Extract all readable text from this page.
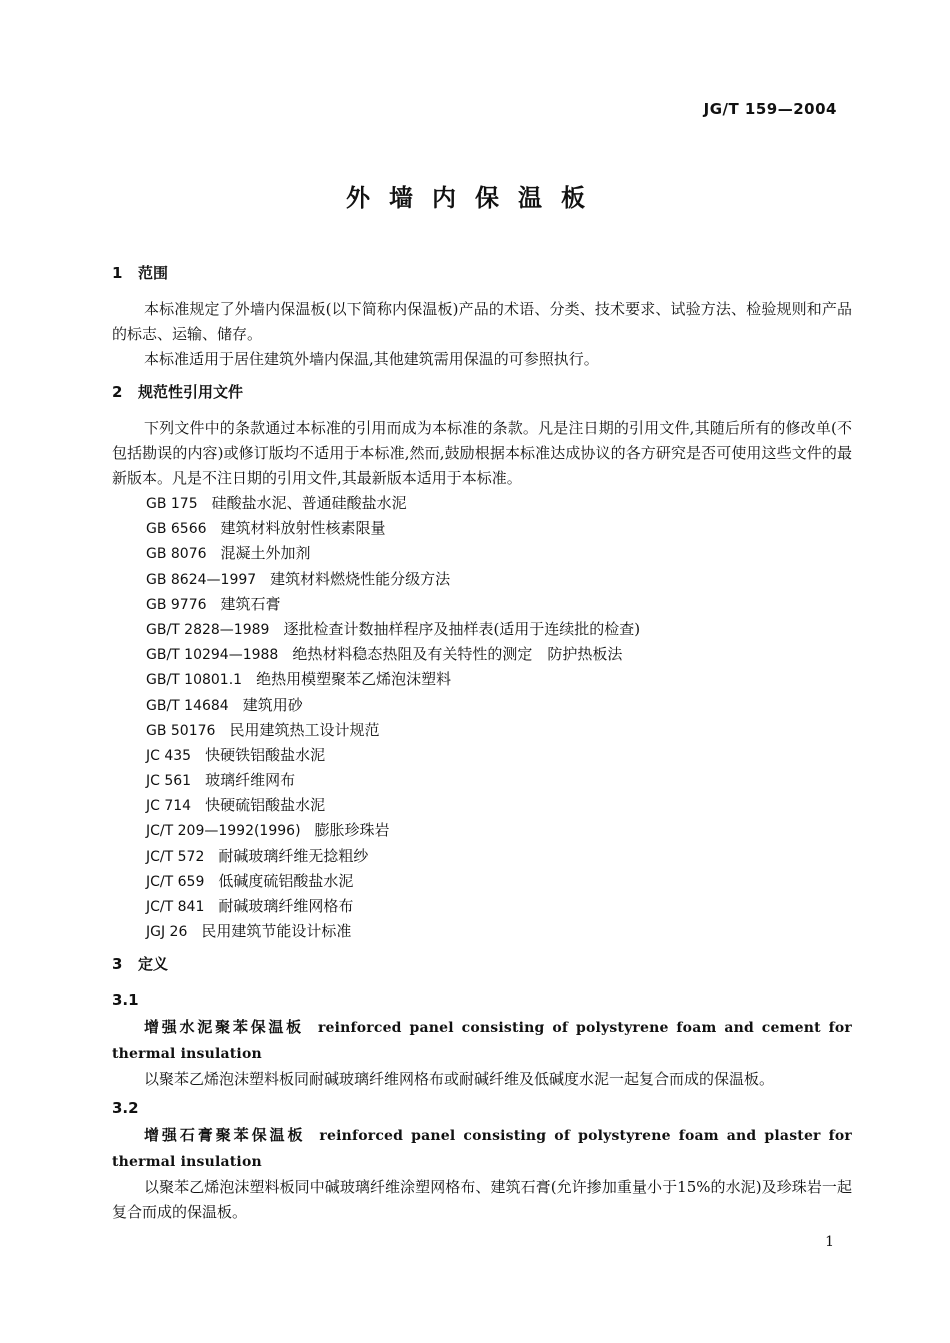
JG/T 159—2004
外墙内保温板
1 范围
本标准规定了外墙内保温板(以下简称内保温板)产品的术语、分类、技术要求、试验方法、检验规则和产品的标志、运输、储存。
本标准适用于居住建筑外墙内保温,其他建筑需用保温的可参照执行。
2 规范性引用文件
下列文件中的条款通过本标准的引用而成为本标准的条款。凡是注日期的引用文件,其随后所有的修改单(不包括勘误的内容)或修订版均不适用于本标准,然而,鼓励根据本标准达成协议的各方研究是否可使用这些文件的最新版本。凡是不注日期的引用文件,其最新版本适用于本标准。
GB 175 硅酸盐水泥、普通硅酸盐水泥
GB 6566 建筑材料放射性核素限量
GB 8076 混凝土外加剂
GB 8624—1997 建筑材料燃烧性能分级方法
GB 9776 建筑石膏
GB/T 2828—1989 逐批检查计数抽样程序及抽样表(适用于连续批的检查)
GB/T 10294—1988 绝热材料稳态热阻及有关特性的测定　防护热板法
GB/T 10801.1 绝热用模塑聚苯乙烯泡沫塑料
GB/T 14684 建筑用砂
GB 50176 民用建筑热工设计规范
JC 435 快硬铁铝酸盐水泥
JC 561 玻璃纤维网布
JC 714 快硬硫铝酸盐水泥
JC/T 209—1992(1996) 膨胀珍珠岩
JC/T 572 耐碱玻璃纤维无捻粗纱
JC/T 659 低碱度硫铝酸盐水泥
JC/T 841 耐碱玻璃纤维网格布
JGJ 26 民用建筑节能设计标准
3 定义
3.1
增强水泥聚苯保温板 reinforced panel consisting of polystyrene foam and cement for thermal insulation
以聚苯乙烯泡沫塑料板同耐碱玻璃纤维网格布或耐碱纤维及低碱度水泥一起复合而成的保温板。
3.2
增强石膏聚苯保温板 reinforced panel consisting of polystyrene foam and plaster for thermal insulation
以聚苯乙烯泡沫塑料板同中碱玻璃纤维涂塑网格布、建筑石膏(允许掺加重量小于15%的水泥)及珍珠岩一起复合而成的保温板。
1
